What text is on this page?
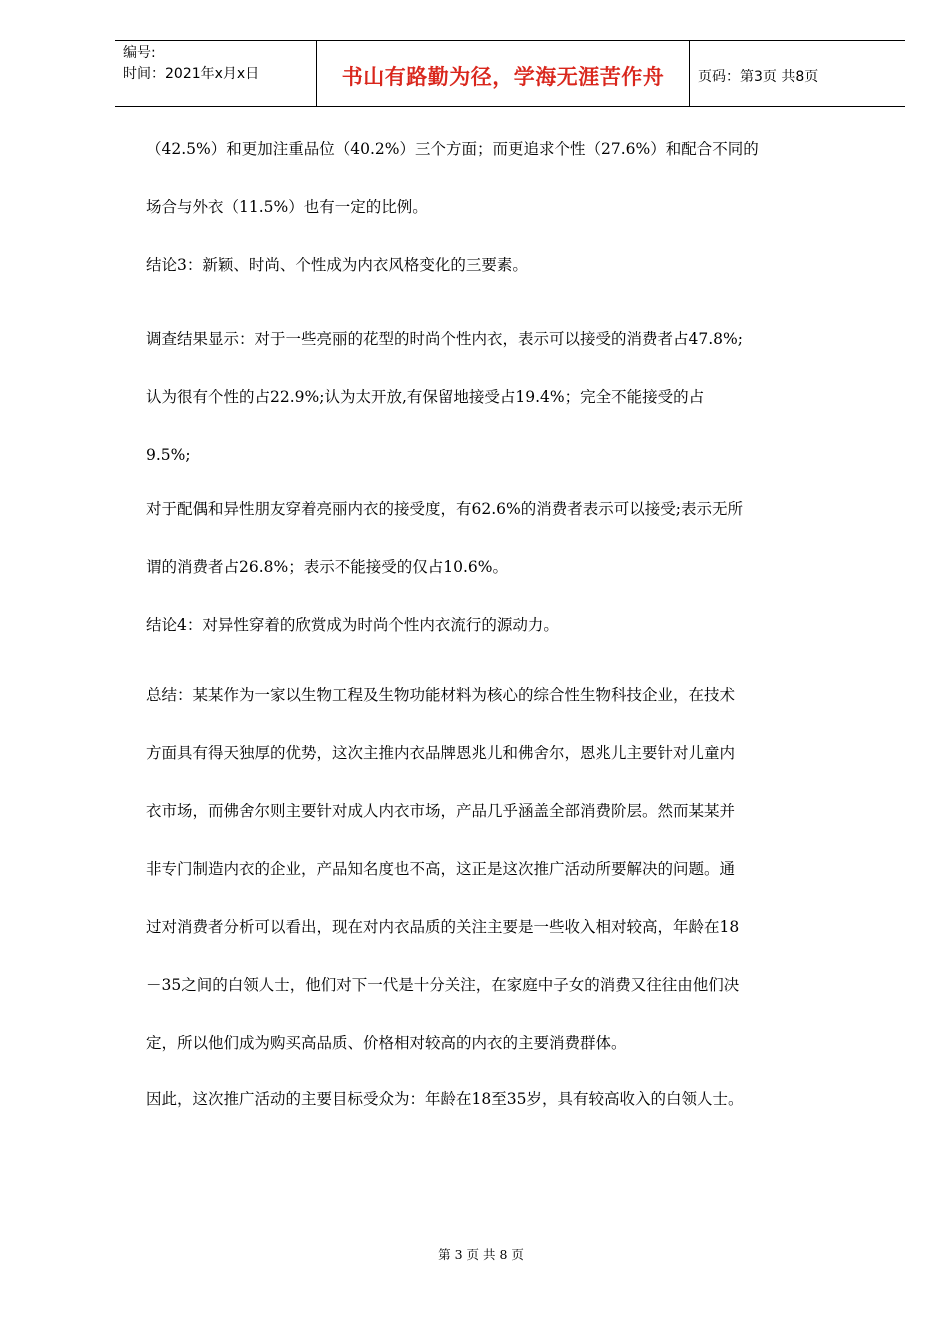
编号:
时间：2021年x月x日	书山有路勤为径，学海无涯苦作舟	页码：第3页 共8页
（42.5%）和更加注重品位（40.2%）三个方面；而更追求个性（27.6%）和配合不同的
场合与外衣（11.5%）也有一定的比例。
结论3：新颖、时尚、个性成为内衣风格变化的三要素。
调查结果显示：对于一些亮丽的花型的时尚个性内衣，表示可以接受的消费者占47.8%;
认为很有个性的占22.9%;认为太开放,有保留地接受占19.4%；完全不能接受的占
9.5%;
对于配偶和异性朋友穿着亮丽内衣的接受度，有62.6%的消费者表示可以接受;表示无所
谓的消费者占26.8%；表示不能接受的仅占10.6%。
结论4：对异性穿着的欣赏成为时尚个性内衣流行的源动力。
总结：某某作为一家以生物工程及生物功能材料为核心的综合性生物科技企业，在技术
方面具有得天独厚的优势，这次主推内衣品牌恩兆儿和佛舍尔，恩兆儿主要针对儿童内
衣市场，而佛舍尔则主要针对成人内衣市场，产品几乎涵盖全部消费阶层。然而某某并
非专门制造内衣的企业，产品知名度也不高，这正是这次推广活动所要解决的问题。通
过对消费者分析可以看出，现在对内衣品质的关注主要是一些收入相对较高，年龄在18
－35之间的白领人士，他们对下一代是十分关注，在家庭中子女的消费又往往由他们决
定，所以他们成为购买高品质、价格相对较高的内衣的主要消费群体。
因此，这次推广活动的主要目标受众为：年龄在18至35岁，具有较高收入的白领人士。
第 3 页 共 8 页
